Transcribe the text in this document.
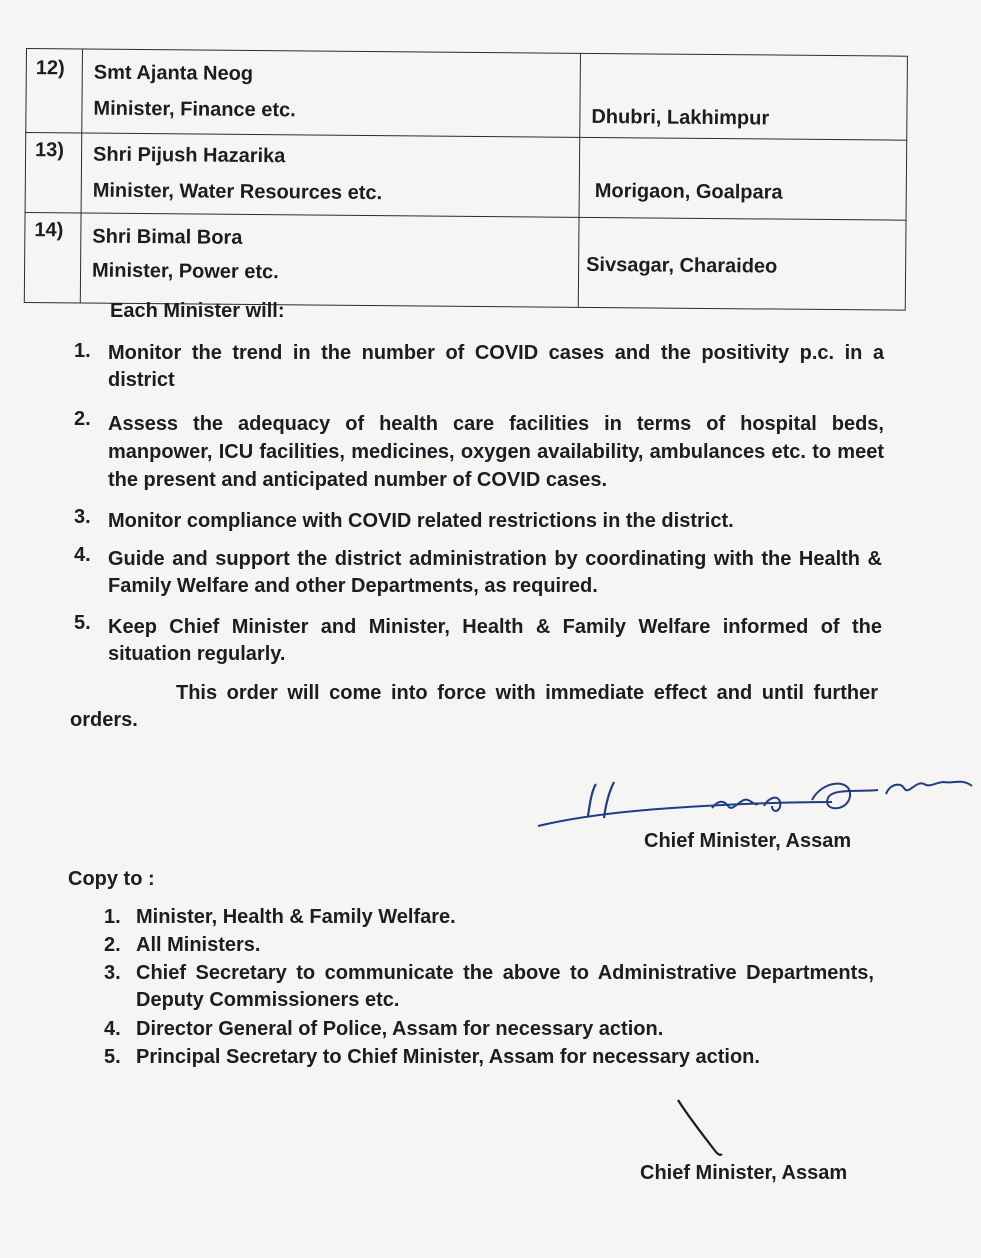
12) Smt Ajanta Neog
Minister, Finance etc.	Dhubri, Lakhimpur
13) Shri Pijush Hazarika
Minister, Water Resources etc.	Morigaon, Goalpara
14) Shri Bimal Bora
Minister, Power etc.	Sivsagar, Charaideo
Each Minister will:
1. Monitor the trend in the number of COVID cases and the positivity p.c. in a district
2. Assess the adequacy of health care facilities in terms of hospital beds, manpower, ICU facilities, medicines, oxygen availability, ambulances etc. to meet the present and anticipated number of COVID cases.
3. Monitor compliance with COVID related restrictions in the district.
4. Guide and support the district administration by coordinating with the Health & Family Welfare and other Departments, as required.
5. Keep Chief Minister and Minister, Health & Family Welfare informed of the situation regularly.
This order will come into force with immediate effect and until further orders.
Chief Minister, Assam
Copy to :
1. Minister, Health & Family Welfare.
2. All Ministers.
3. Chief Secretary to communicate the above to Administrative Departments, Deputy Commissioners etc.
4. Director General of Police, Assam for necessary action.
5. Principal Secretary to Chief Minister, Assam for necessary action.
Chief Minister, Assam
